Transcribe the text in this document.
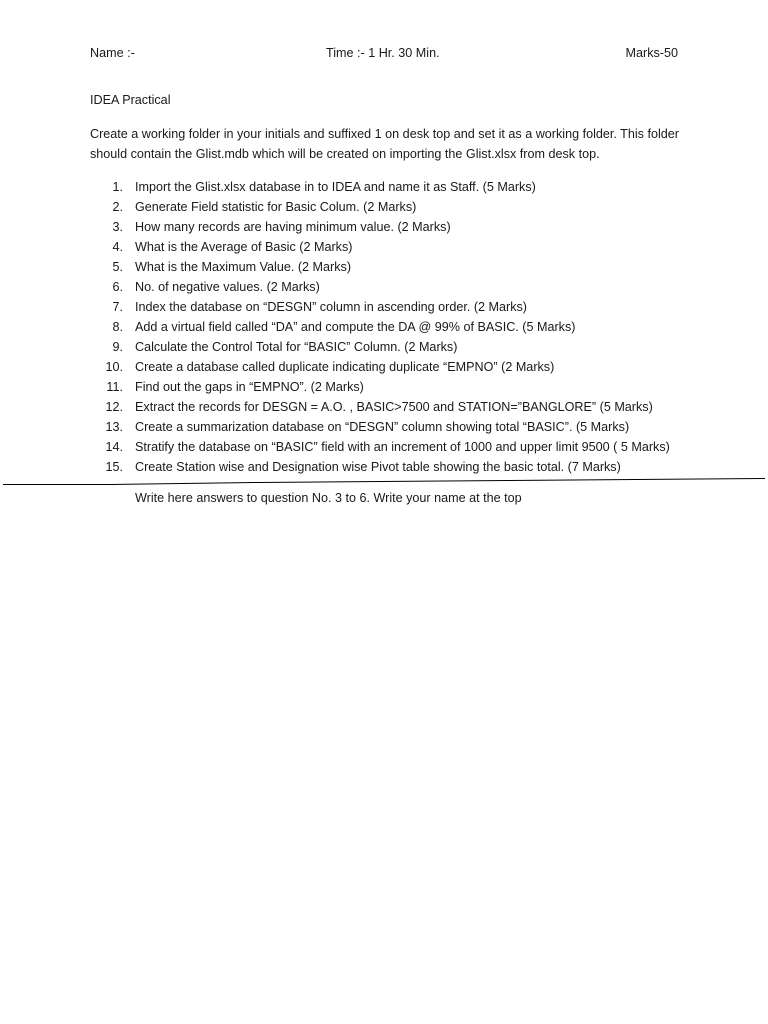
Name :-	Time :- 1 Hr. 30 Min.	Marks-50
IDEA Practical

Create a working folder in your initials and suffixed 1 on desk top and set it as a working folder. This folder should contain the Glist.mdb which will be created on importing the Glist.xlsx from desk top.

1. Import the Glist.xlsx database in to IDEA and name it as Staff. (5 Marks)
2. Generate Field statistic for Basic Colum. (2 Marks)
3. How many records are having minimum value. (2 Marks)
4. What is the Average of Basic (2 Marks)
5. What is the Maximum Value. (2 Marks)
6. No. of negative values. (2 Marks)
7. Index the database on “DESGN” column in ascending order. (2 Marks)
8. Add a virtual field called “DA” and compute the DA @ 99% of BASIC. (5 Marks)
9. Calculate the Control Total for “BASIC” Column. (2 Marks)
10. Create a database called duplicate indicating duplicate “EMPNO” (2 Marks)
11. Find out the gaps in “EMPNO”. (2 Marks)
12. Extract the records for DESGN = A.O. , BASIC>7500 and STATION=”BANGLORE” (5 Marks)
13. Create a summarization database on “DESGN” column showing total “BASIC”. (5 Marks)
14. Stratify the database on “BASIC” field with an increment of 1000 and upper limit 9500 ( 5 Marks)
15. Create Station wise and Designation wise Pivot table showing the basic total. (7 Marks)
Write here answers to question No. 3 to 6. Write your name at the top
